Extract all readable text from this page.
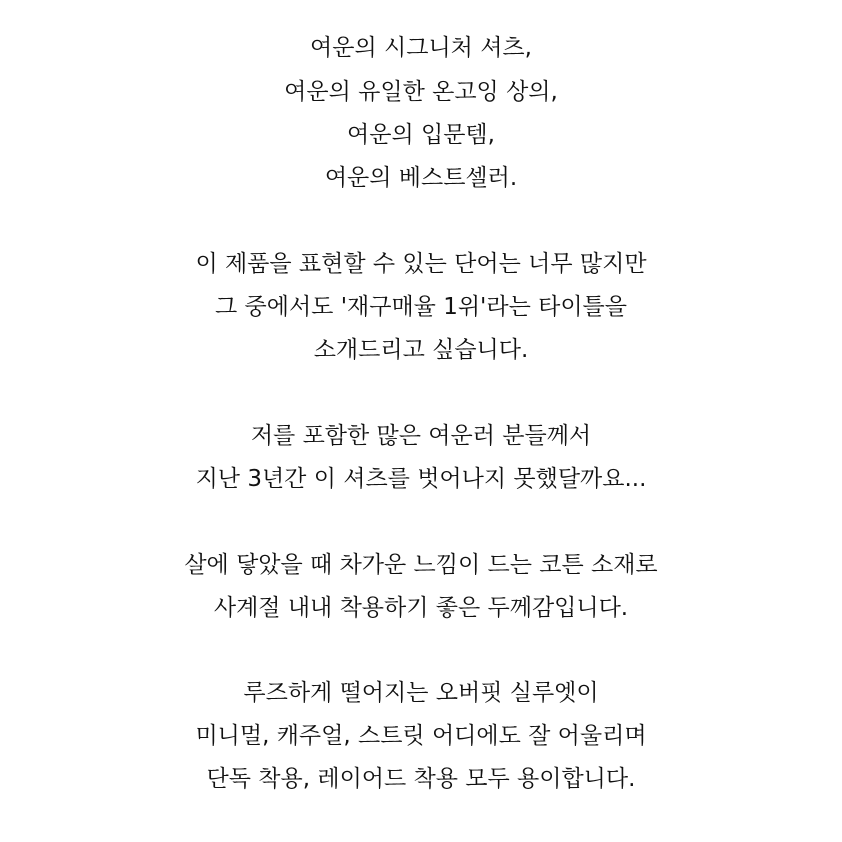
여운의 시그니처 셔츠,
여운의 유일한 온고잉 상의,
여운의 입문템,
여운의 베스트셀러.
이 제품을 표현할 수 있는 단어는 너무 많지만
그 중에서도 '재구매율 1위'라는 타이틀을
소개드리고 싶습니다.
저를 포함한 많은 여운러 분들께서
지난 3년간 이 셔츠를 벗어나지 못했달까요...
살에 닿았을 때 차가운 느낌이 드는 코튼 소재로
사계절 내내 착용하기 좋은 두께감입니다.
루즈하게 떨어지는 오버핏 실루엣이
미니멀, 캐주얼, 스트릿 어디에도 잘 어울리며
단독 착용, 레이어드 착용 모두 용이합니다.
